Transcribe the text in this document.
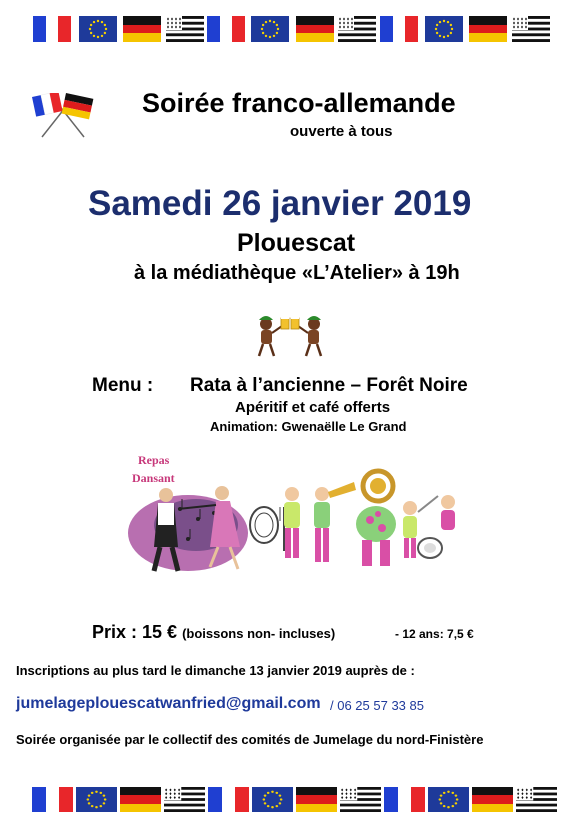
Soirée franco-allemande
ouverte à tous
Samedi 26 janvier 2019
Plouescat
à la médiathèque «L’Atelier» à 19h
Menu : Rata à l’ancienne – Forêt Noire
Apéritif et café offerts
Animation: Gwenaëlle Le Grand
Repas
Dansant
Prix : 15 € (boissons non- incluses)	- 12 ans: 7,5 €
Inscriptions au plus tard le dimanche 13 janvier 2019 auprès de :
jumelageplouescatwanfried@gmail.com / 06 25 57 33 85
Soirée organisée par le collectif des comités de Jumelage du nord-Finistère
